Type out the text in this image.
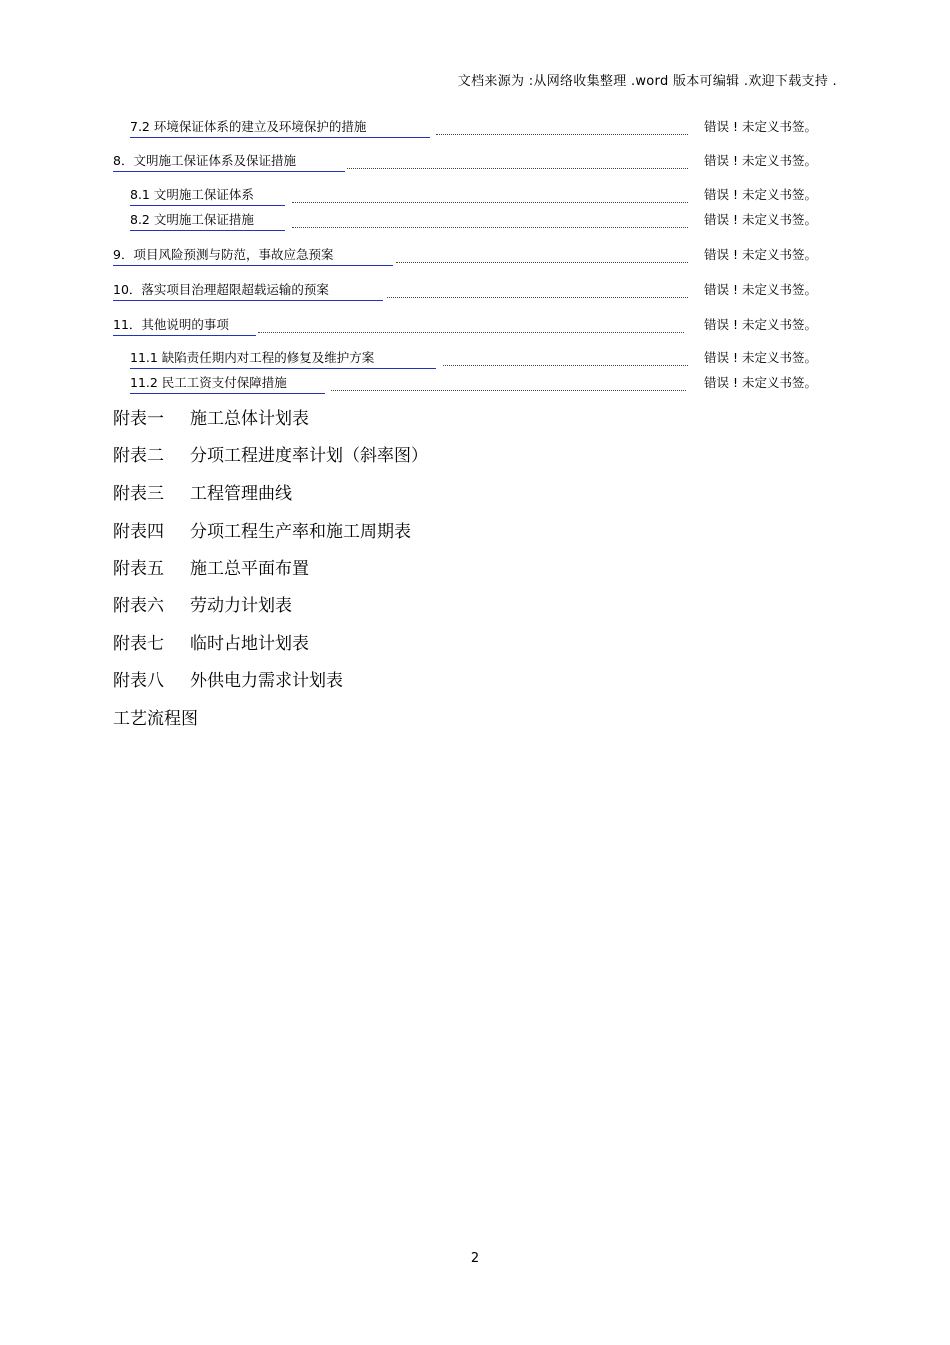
文档来源为 :从网络收集整理 .word 版本可编辑 .欢迎下载支持 .
7.2 环境保证体系的建立及环境保护的措施	错误 ! 未定义书签。
8．文明施工保证体系及保证措施	错误 ! 未定义书签。
8.1 文明施工保证体系	错误 ! 未定义书签。
8.2 文明施工保证措施	错误 ! 未定义书签。
9．项目风险预测与防范，事故应急预案	错误 ! 未定义书签。
10．落实项目治理超限超载运输的预案	错误 ! 未定义书签。
11．其他说明的事项	错误 ! 未定义书签。
11.1 缺陷责任期内对工程的修复及维护方案	错误 ! 未定义书签。
11.2 民工工资支付保障措施	错误 ! 未定义书签。
附表一 施工总体计划表
附表二 分项工程进度率计划（斜率图）
附表三 工程管理曲线
附表四 分项工程生产率和施工周期表
附表五 施工总平面布置
附表六 劳动力计划表
附表七 临时占地计划表
附表八 外供电力需求计划表
工艺流程图
2
